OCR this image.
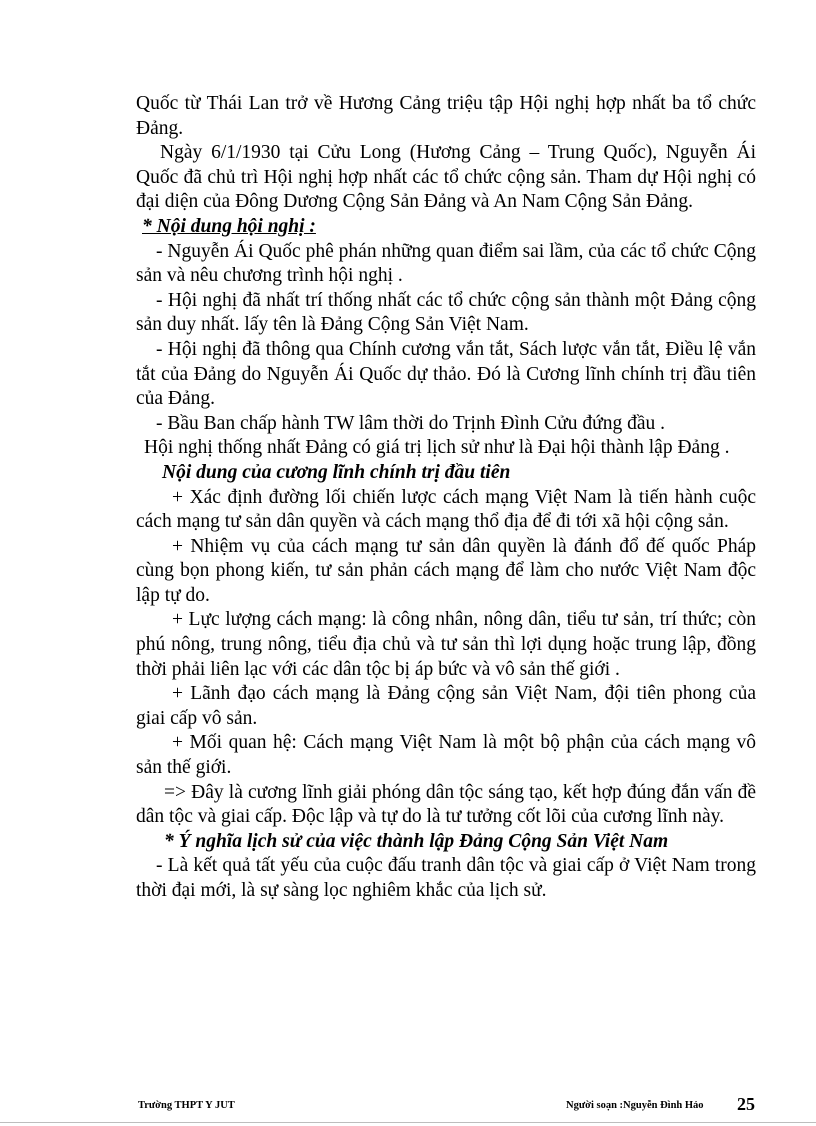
Quốc từ Thái Lan trở về Hương Cảng triệu tập Hội nghị hợp nhất ba tổ chức Đảng.

Ngày 6/1/1930 tại Cửu Long (Hương Cảng – Trung Quốc), Nguyễn Ái Quốc đã chủ trì Hội nghị hợp nhất các tổ chức cộng sản. Tham dự Hội nghị có đại diện của Đông Dương Cộng Sản Đảng và An Nam Cộng Sản Đảng.

* Nội dung hội nghị :

- Nguyễn Ái Quốc phê phán những quan điểm sai lầm, của các tổ chức Cộng sản và nêu chương trình hội nghị .

- Hội nghị đã nhất trí thống nhất các tổ chức cộng sản thành một Đảng cộng sản duy nhất. lấy tên là Đảng Cộng Sản Việt Nam.

- Hội nghị đã thông qua Chính cương vắn tắt, Sách lược vắn tắt, Điều lệ vắn tắt của Đảng do Nguyễn Ái Quốc dự thảo. Đó là Cương lĩnh chính trị đầu tiên của Đảng.

- Bầu Ban chấp hành TW lâm thời do Trịnh Đình Cửu đứng đầu .

Hội nghị thống nhất Đảng có giá trị lịch sử như là Đại hội thành lập Đảng .

Nội dung của cương lĩnh chính trị đầu tiên

+ Xác định đường lối chiến lược cách mạng Việt Nam là tiến hành cuộc cách mạng tư sản dân quyền và cách mạng thổ địa để đi tới xã hội cộng sản.

+ Nhiệm vụ của cách mạng tư sản dân quyền là đánh đổ đế quốc Pháp cùng bọn phong kiến, tư sản phản cách mạng để làm cho nước Việt Nam độc lập tự do.

+ Lực lượng cách mạng: là công nhân, nông dân, tiểu tư sản, trí thức; còn phú nông, trung nông, tiểu địa chủ và tư sản thì lợi dụng hoặc trung lập, đồng thời phải liên lạc với các dân tộc bị áp bức và vô sản thế giới .

+ Lãnh đạo cách mạng là Đảng cộng sản Việt Nam, đội tiên phong của giai cấp vô sản.

+ Mối quan hệ: Cách mạng Việt Nam là một bộ phận của cách mạng vô sản thế giới.

=> Đây là cương lĩnh giải phóng dân tộc sáng tạo, kết hợp đúng đắn vấn đề dân tộc và giai cấp. Độc lập và tự do là tư tưởng cốt lõi của cương lĩnh này.

* Ý nghĩa lịch sử của việc thành lập Đảng Cộng Sản Việt Nam

- Là kết quả tất yếu của cuộc đấu tranh dân tộc và giai cấp ở Việt Nam trong thời đại mới, là sự sàng lọc nghiêm khắc của lịch sử.

Trường THPT Y JUT	Người soạn :Nguyễn Đình Hảo 25
